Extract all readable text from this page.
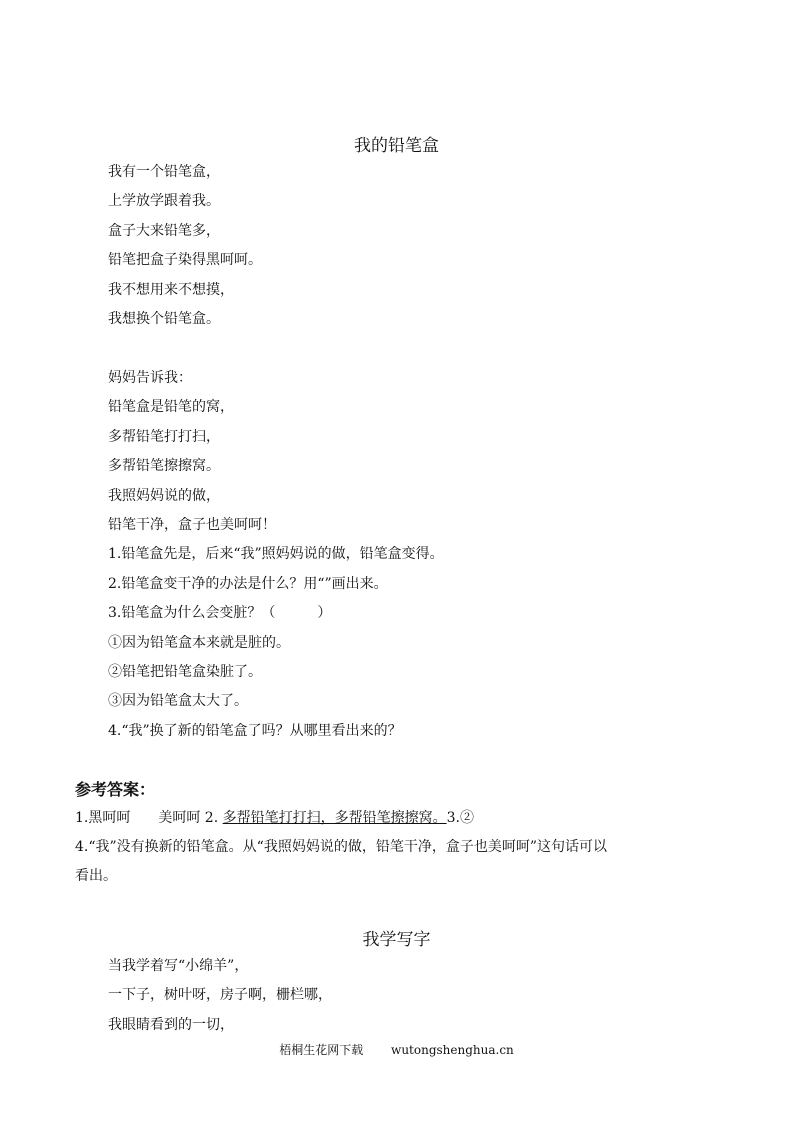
我的铅笔盒
我有一个铅笔盒，
上学放学跟着我。
盒子大来铅笔多，
铅笔把盒子染得黑呵呵。
我不想用来不想摸，
我想换个铅笔盒。
妈妈告诉我：
铅笔盒是铅笔的窝，
多帮铅笔打打扫，
多帮铅笔擦擦窝。
我照妈妈说的做，
铅笔干净，盒子也美呵呵！
1.铅笔盒先是，后来“我”照妈妈说的做，铅笔盒变得。
2.铅笔盒变干净的办法是什么？用“”画出来。
3.铅笔盒为什么会变脏？（　　　）
①因为铅笔盒本来就是脏的。
②铅笔把铅笔盒染脏了。
③因为铅笔盒太大了。
4.“我”换了新的铅笔盒了吗？从哪里看出来的？
参考答案：
1.黑呵呵　　美呵呵 2. 多帮铅笔打打扫，多帮铅笔擦擦窝。3.②
4.“我”没有换新的铅笔盒。从“我照妈妈说的做，铅笔干净，盒子也美呵呵”这句话可以
看出。
我学写字
当我学着写“小绵羊”，
一下子，树叶呀，房子啊，栅栏哪，
我眼睛看到的一切，
梧桐生花网下载 wutongshenghua.cn
